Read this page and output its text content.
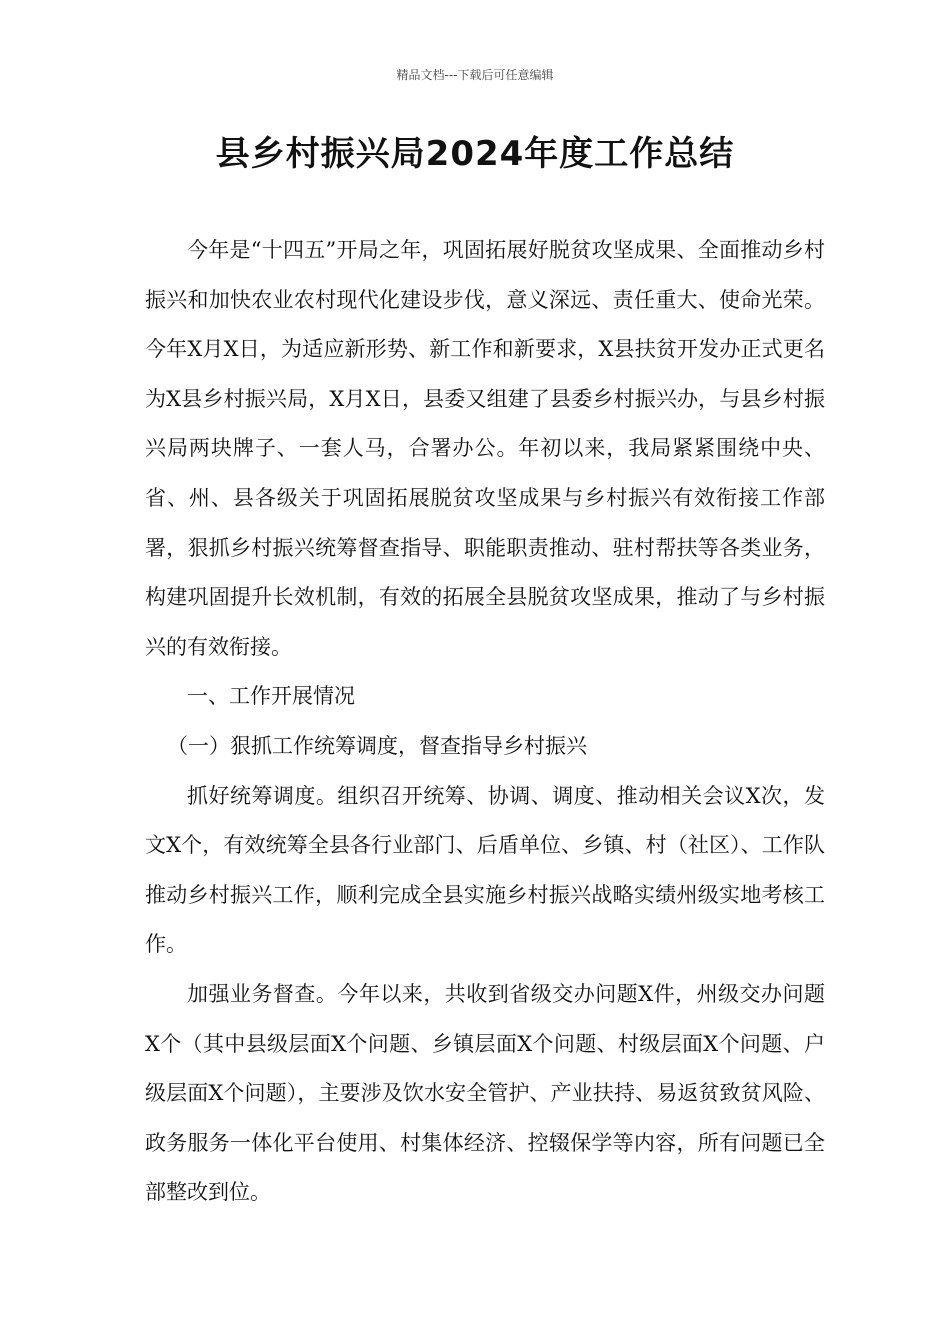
精品文档---下载后可任意编辑
县乡村振兴局2024年度工作总结

今年是“十四五”开局之年，巩固拓展好脱贫攻坚成果、全面推动乡村振兴和加快农业农村现代化建设步伐，意义深远、责任重大、使命光荣。今年X月X日，为适应新形势、新工作和新要求，X县扶贫开发办正式更名为X县乡村振兴局，X月X日，县委又组建了县委乡村振兴办，与县乡村振兴局两块牌子、一套人马，合署办公。年初以来，我局紧紧围绕中央、省、州、县各级关于巩固拓展脱贫攻坚成果与乡村振兴有效衔接工作部署，狠抓乡村振兴统筹督查指导、职能职责推动、驻村帮扶等各类业务，构建巩固提升长效机制，有效的拓展全县脱贫攻坚成果，推动了与乡村振兴的有效衔接。

一、工作开展情况

（一）狠抓工作统筹调度，督查指导乡村振兴

抓好统筹调度。组织召开统筹、协调、调度、推动相关会议X次，发文X个，有效统筹全县各行业部门、后盾单位、乡镇、村（社区）、工作队推动乡村振兴工作，顺利完成全县实施乡村振兴战略实绩州级实地考核工作。

加强业务督查。今年以来，共收到省级交办问题X件，州级交办问题X个（其中县级层面X个问题、乡镇层面X个问题、村级层面X个问题、户级层面X个问题），主要涉及饮水安全管护、产业扶持、易返贫致贫风险、政务服务一体化平台使用、村集体经济、控辍保学等内容，所有问题已全部整改到位。
